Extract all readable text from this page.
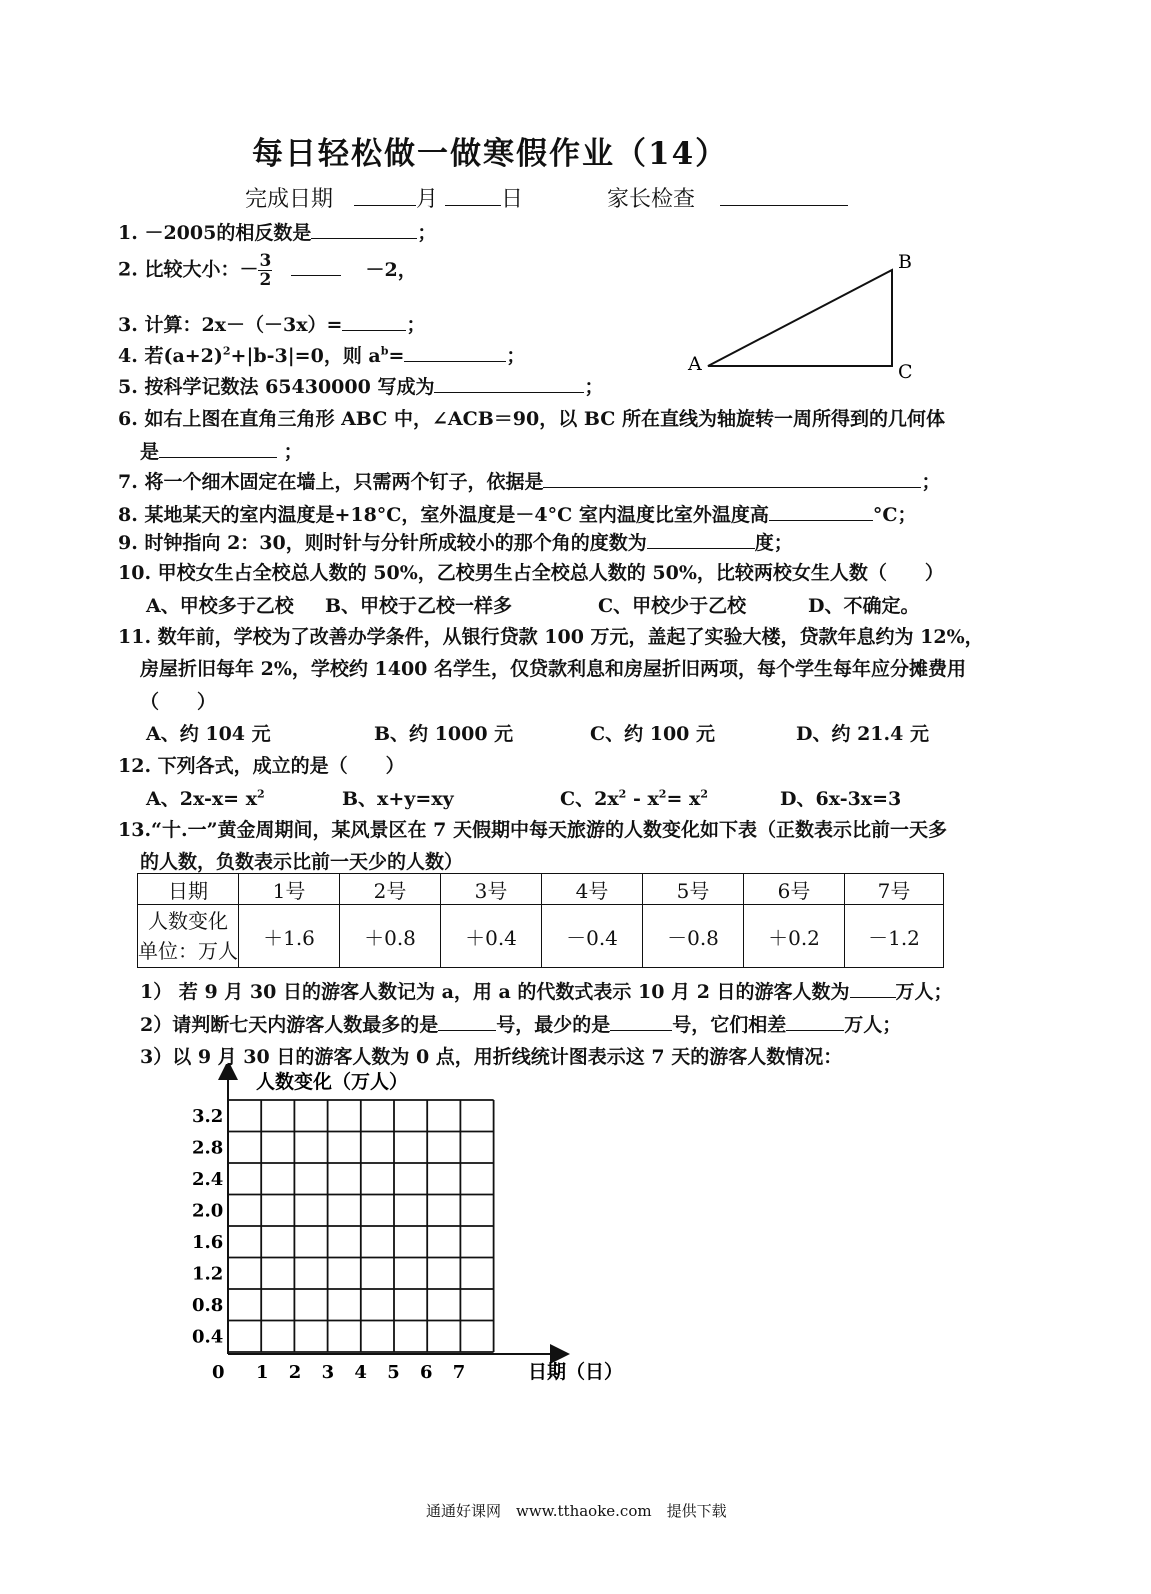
每日轻松做一做寒假作业（14）
完成日期	月	日	家长检查
1. －2005的相反数是	；
2. 比较大小：－ $\frac{3}{2}$	－2，
3. 计算：2x－（－3x）=	；
4. 若$(a+2)^2+|b-3|=0$，则 $a^b=$	；
5. 按科学记数法 65430000 写成为	；
A
B
C
6. 如右上图在直角三角形 ABC 中，∠ACB＝90，以 BC 所在直线为轴旋转一周所得到的几何体
是	；
7. 将一个细木固定在墙上，只需两个钉子，依据是	；
8. 某地某天的室内温度是+18°C，室外温度是－4°C 室内温度比室外温度高	°C；
9. 时钟指向 2：30，则时针与分针所成较小的那个角的度数为	度；
10. 甲校女生占全校总人数的 50%，乙校男生占全校总人数的 50%，比较两校女生人数（　　）
A、甲校多于乙校 B、甲校于乙校一样多	C、甲校少于乙校	D、不确定。
11. 数年前，学校为了改善办学条件，从银行贷款 100 万元，盖起了实验大楼，贷款年息约为 12%，
房屋折旧每年 2%，学校约 1400 名学生，仅贷款利息和房屋折旧两项，每个学生每年应分摊费用
（　　）
A、约 104 元	B、约 1000 元	C、约 100 元	D、约 21.4 元
12. 下列各式，成立的是（　　）
A、$2x-x= x^2$	B、x+y=xy	C、$2x^2 - x^2= x^2$	D、6x-3x=3
13.“十.一”黄金周期间，某风景区在 7 天假期中每天旅游的人数变化如下表（正数表示比前一天多
的人数，负数表示比前一天少的人数）
日期	1号	2号	3号	4号	5号	6号	7号
人数变化
单位：万人	＋1.6	＋0.8	＋0.4	－0.4	－0.8	＋0.2	－1.2
1） 若 9 月 30 日的游客人数记为 a，用 a 的代数式表示 10 月 2 日的游客人数为 万人；
2）请判断七天内游客人数最多的是	号，最少的是	号，它们相差	万人；
3）以 9 月 30 日的游客人数为 0 点，用折线统计图表示这 7 天的游客人数情况：
人数变化（万人）
日期（日）
0
3.2
2.8
2.4
2.0
1.6
1.2
0.8
0.4
1 2 3 4 5 6 7
通通好课网　www.tthaoke.com　提供下载
